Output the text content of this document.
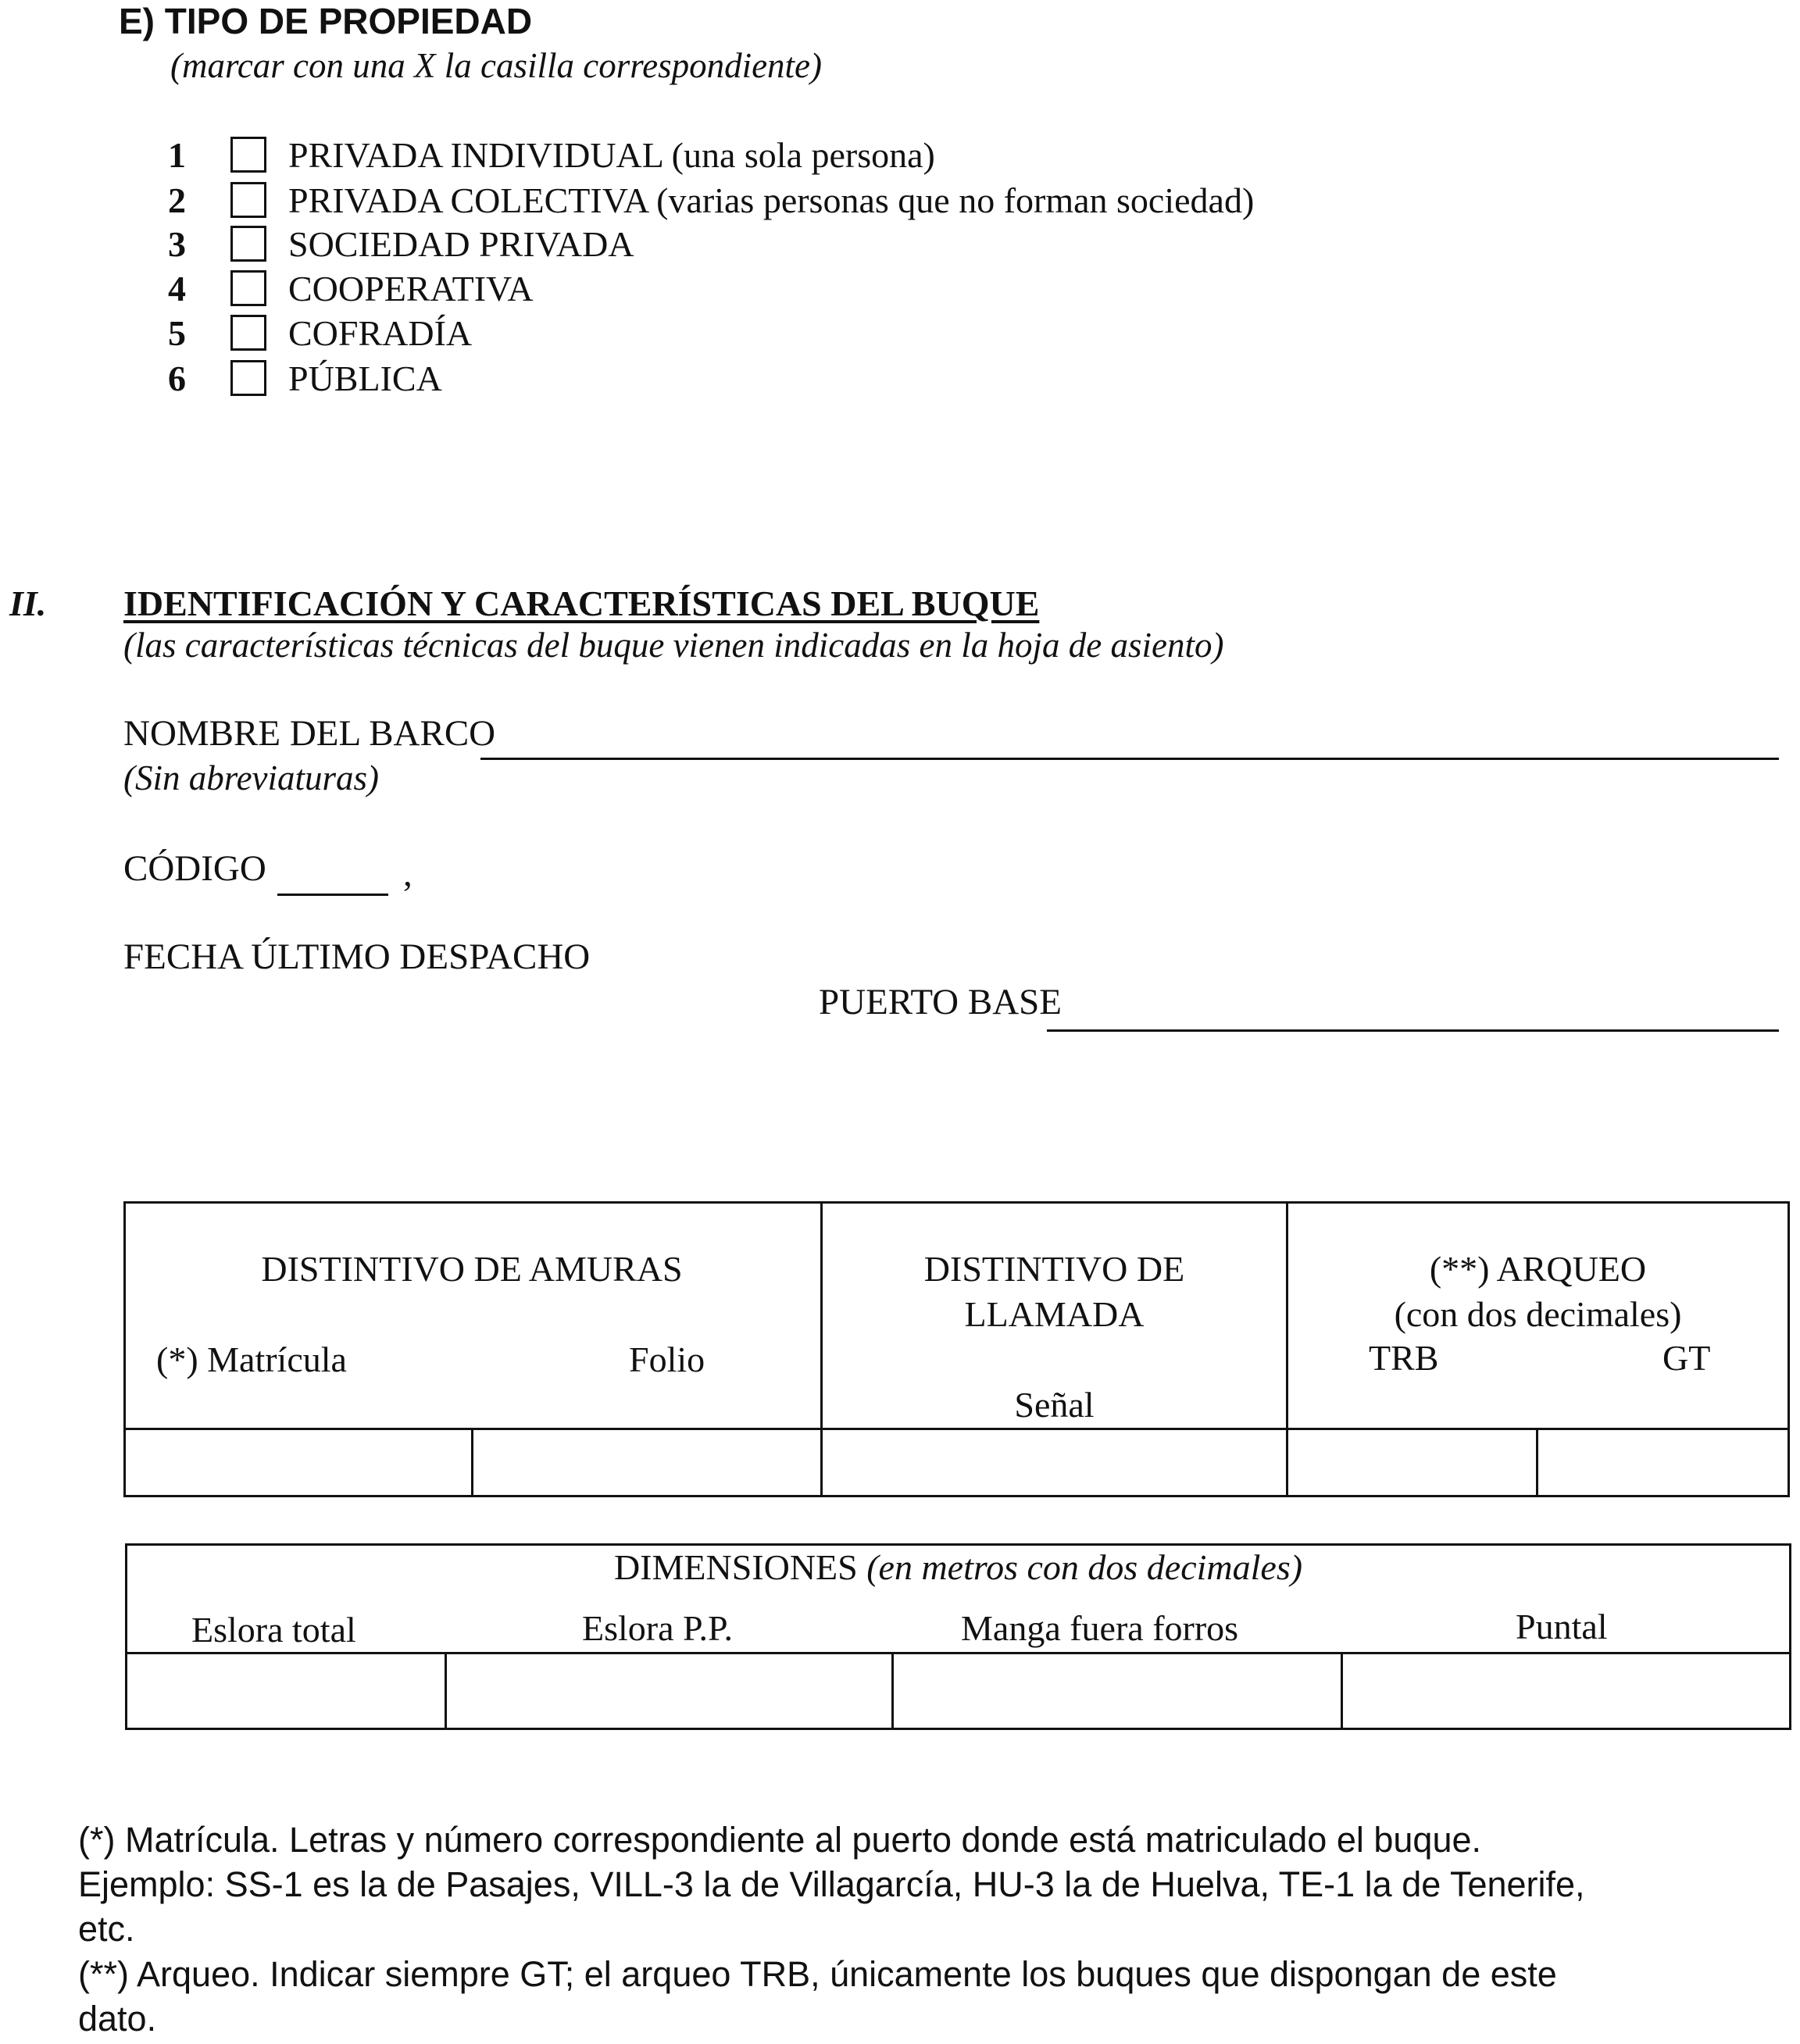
E) TIPO DE PROPIEDAD
(marcar con una X la casilla correspondiente)
1	PRIVADA INDIVIDUAL (una sola persona)
2	PRIVADA COLECTIVA (varias personas que no forman sociedad)
3	SOCIEDAD PRIVADA
4	COOPERATIVA
5	COFRADÍA
6	PÚBLICA
II. IDENTIFICACIÓN Y CARACTERÍSTICAS DEL BUQUE
(las características técnicas del buque vienen indicadas en la hoja de asiento)
NOMBRE DEL BARCO
(Sin abreviaturas)
CÓDIGO	,
FECHA ÚLTIMO DESPACHO
PUERTO BASE
DISTINTIVO DE AMURAS
(*) Matrícula	Folio
DISTINTIVO DE
LLAMADA
Señal
(**) ARQUEO
(con dos decimales)
TRB	GT
DIMENSIONES (en metros con dos decimales)
Eslora total	Eslora P.P.	Manga fuera forros	Puntal
(*) Matrícula. Letras y número correspondiente al puerto donde está matriculado el buque.
Ejemplo: SS-1 es la de Pasajes, VILL-3 la de Villagarcía, HU-3 la de Huelva, TE-1 la de Tenerife,
etc.
(**) Arqueo. Indicar siempre GT; el arqueo TRB, únicamente los buques que dispongan de este
dato.
